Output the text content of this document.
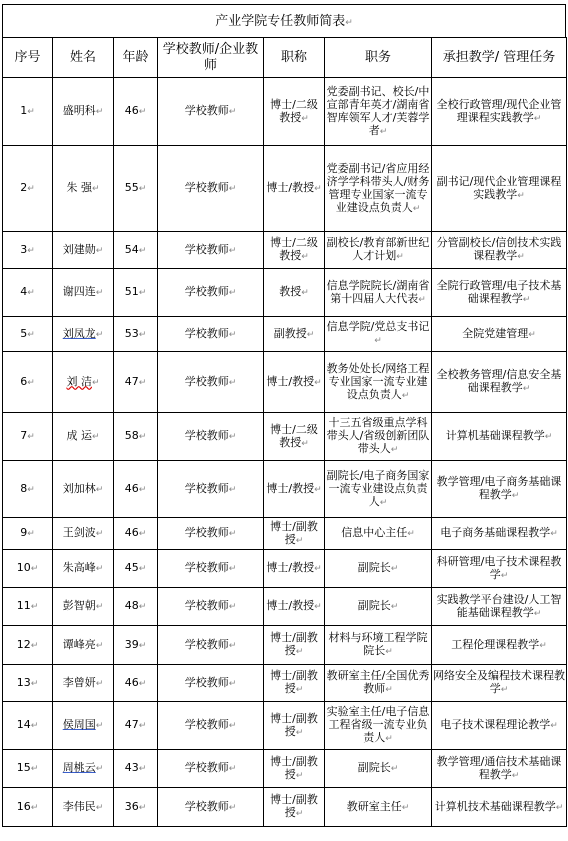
产业学院专任教师简表↵
序号	姓名	年龄	学校教师/企业教师	职称	职务	承担教学/ 管理任务
1↵	盛明科↵	46↵	学校教师↵	博士/二级教授↵	党委副书记、校长/中宣部青年英才/湖南省智库领军人才/芙蓉学者↵	全校行政管理/现代企业管理课程实践教学↵
2↵	朱 强↵	55↵	学校教师↵	博士/教授↵	党委副书记/省应用经济学学科带头人/财务管理专业国家一流专业建设点负责人↵	副书记/现代企业管理课程实践教学↵
3↵	刘建勋↵	54↵	学校教师↵	博士/二级教授↵	副校长/教育部新世纪人才计划↵	分管副校长/信创技术实践课程教学↵
4↵	谢四连↵	51↵	学校教师↵	教授↵	信息学院院长/湖南省第十四届人大代表↵	全院行政管理/电子技术基础课程教学↵
5↵	刘凤龙↵	53↵	学校教师↵	副教授↵	信息学院/党总支书记↵	全院党建管理↵
6↵	刘 洁↵	47↵	学校教师↵	博士/教授↵	教务处处长/网络工程专业国家一流专业建设点负责人↵	全校教务管理/信息安全基础课程教学↵
7↵	成 运↵	58↵	学校教师↵	博士/二级教授↵	十三五省级重点学科带头人/省级创新团队带头人↵	计算机基础课程教学↵
8↵	刘加林↵	46↵	学校教师↵	博士/教授↵	副院长/电子商务国家一流专业建设点负责人↵	教学管理/电子商务基础课程教学↵
9↵	王剑波↵	46↵	学校教师↵	博士/副教授↵	信息中心主任↵	电子商务基础课程教学↵
10↵	朱高峰↵	45↵	学校教师↵	博士/教授↵	副院长↵	科研管理/电子技术课程教学↵
11↵	彭智朝↵	48↵	学校教师↵	博士/教授↵	副院长↵	实践教学平台建设/人工智能基础课程教学↵
12↵	谭峰亮↵	39↵	学校教师↵	博士/副教授↵	材料与环境工程学院院长↵	工程伦理课程教学↵
13↵	李曾妍↵	46↵	学校教师↵	博士/副教授↵	教研室主任/全国优秀教师↵	网络安全及编程技术课程教学↵
14↵	侯周国↵	47↵	学校教师↵	博士/副教授↵	实验室主任/电子信息工程省级一流专业负责人↵	电子技术课程理论教学↵
15↵	周桃云↵	43↵	学校教师↵	博士/副教授↵	副院长↵	教学管理/通信技术基础课程教学↵
16↵	李伟民↵	36↵	学校教师↵	博士/副教授↵	教研室主任↵	计算机技术基础课程教学↵
